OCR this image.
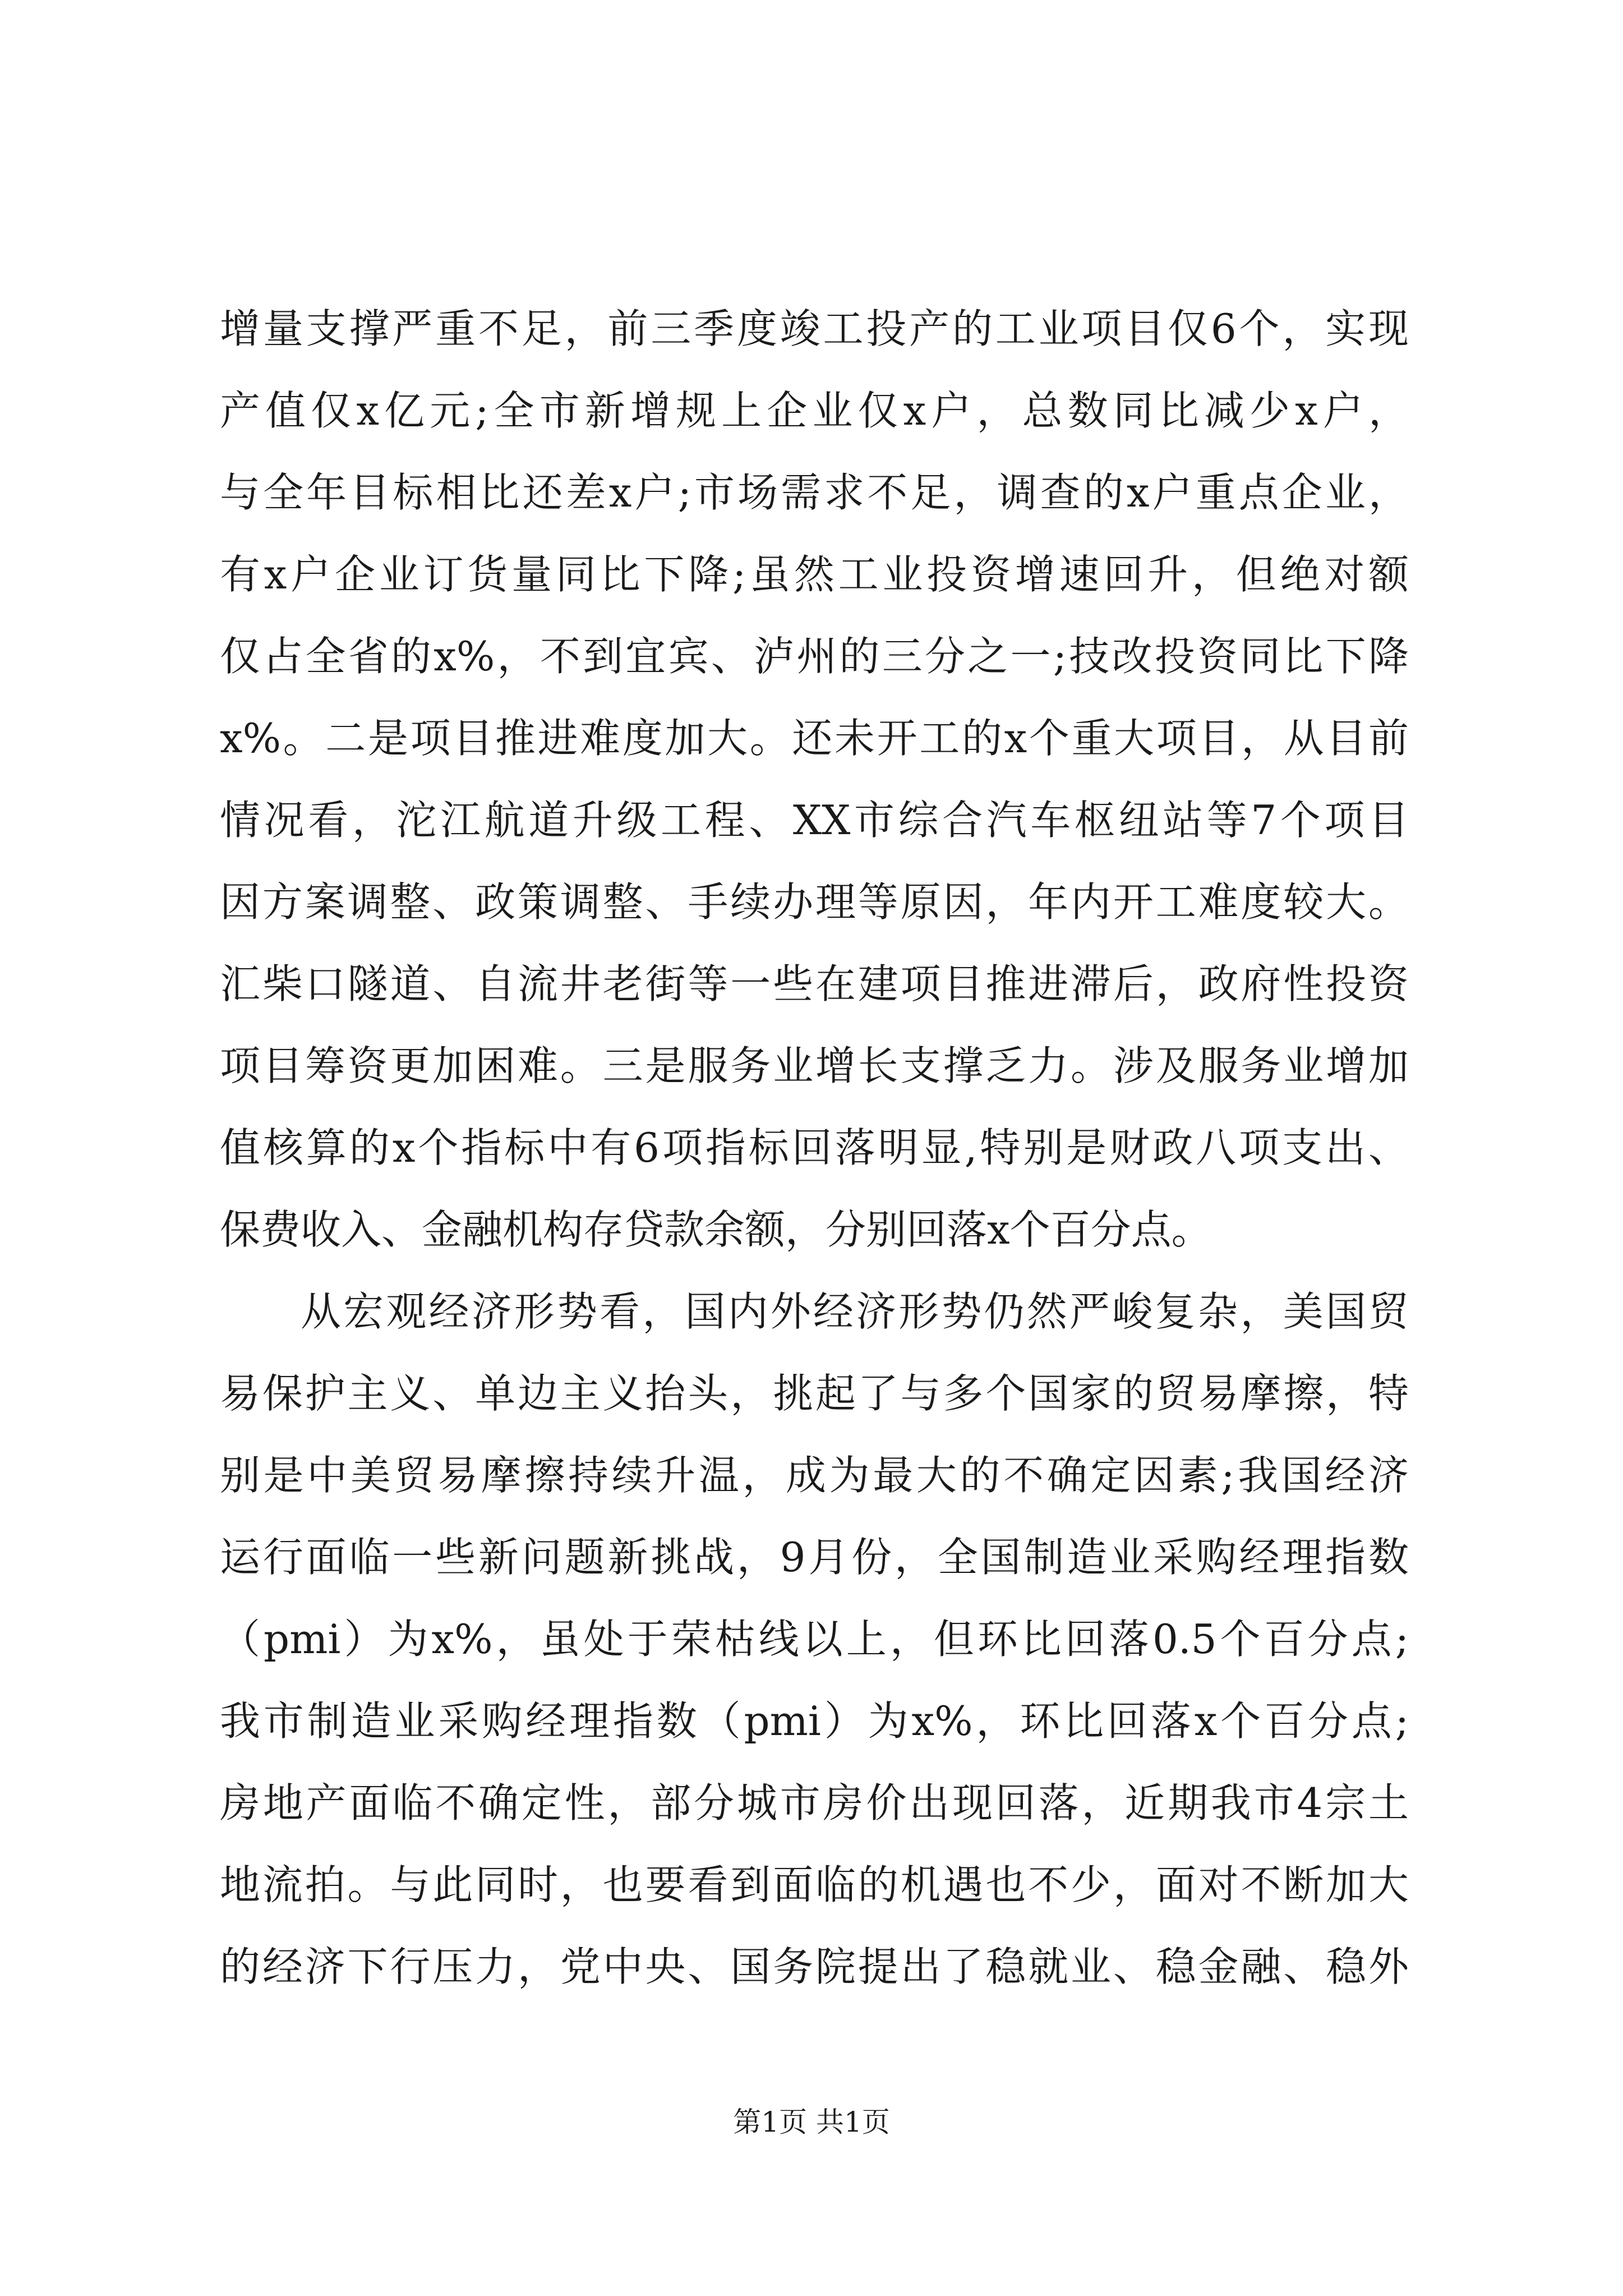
增量支撑严重不足，前三季度竣工投产的工业项目仅6个，实现
产值仅x亿元;全市新增规上企业仅x户，总数同比减少x户，
与全年目标相比还差x户;市场需求不足，调查的x户重点企业，
有x户企业订货量同比下降;虽然工业投资增速回升，但绝对额
仅占全省的x%，不到宜宾、泸州的三分之一;技改投资同比下降
x%。二是项目推进难度加大。还未开工的x个重大项目，从目前
情况看，沱江航道升级工程、XX市综合汽车枢纽站等7个项目
因方案调整、政策调整、手续办理等原因，年内开工难度较大。
汇柴口隧道、自流井老街等一些在建项目推进滞后，政府性投资
项目筹资更加困难。三是服务业增长支撑乏力。涉及服务业增加
值核算的x个指标中有6项指标回落明显,特别是财政八项支出、
保费收入、金融机构存贷款余额，分别回落x个百分点。
从宏观经济形势看，国内外经济形势仍然严峻复杂，美国贸
易保护主义、单边主义抬头，挑起了与多个国家的贸易摩擦，特
别是中美贸易摩擦持续升温，成为最大的不确定因素;我国经济
运行面临一些新问题新挑战，9月份，全国制造业采购经理指数
（pmi）为x%，虽处于荣枯线以上，但环比回落0.5个百分点;
我市制造业采购经理指数（pmi）为x%，环比回落x个百分点;
房地产面临不确定性，部分城市房价出现回落，近期我市4宗土
地流拍。与此同时，也要看到面临的机遇也不少，面对不断加大
的经济下行压力，党中央、国务院提出了稳就业、稳金融、稳外
第1页 共1页
